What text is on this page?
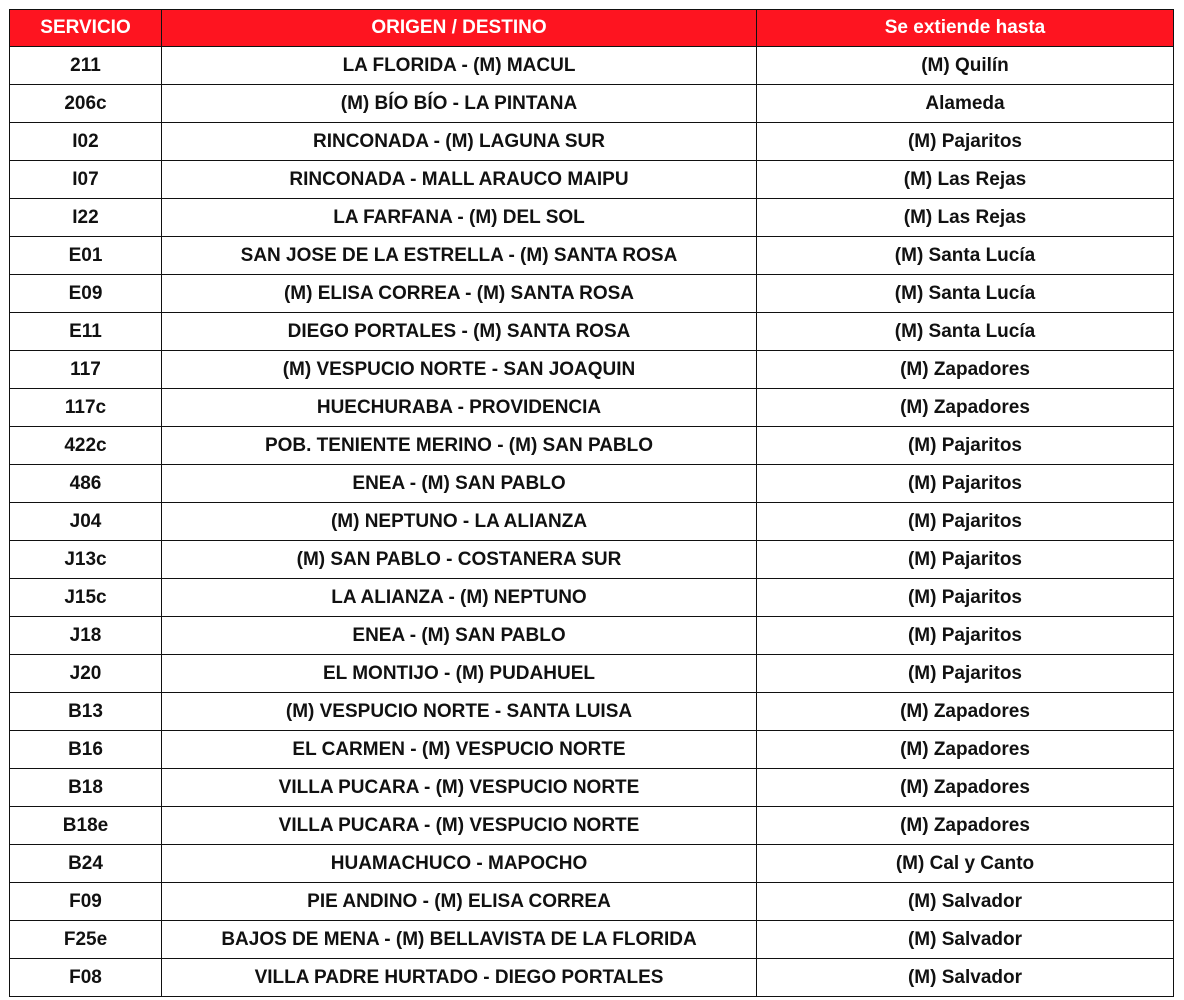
SERVICIO	ORIGEN / DESTINO	Se extiende hasta
211	LA FLORIDA - (M) MACUL	(M) Quilín
206c	(M) BÍO BÍO - LA PINTANA	Alameda
I02	RINCONADA - (M) LAGUNA SUR	(M) Pajaritos
I07	RINCONADA - MALL ARAUCO MAIPU	(M) Las Rejas
I22	LA FARFANA - (M) DEL SOL	(M) Las Rejas
E01	SAN JOSE DE LA ESTRELLA - (M) SANTA ROSA	(M) Santa Lucía
E09	(M) ELISA CORREA - (M) SANTA ROSA	(M) Santa Lucía
E11	DIEGO PORTALES - (M) SANTA ROSA	(M) Santa Lucía
117	(M) VESPUCIO NORTE - SAN JOAQUIN	(M) Zapadores
117c	HUECHURABA - PROVIDENCIA	(M) Zapadores
422c	POB. TENIENTE MERINO - (M) SAN PABLO	(M) Pajaritos
486	ENEA - (M) SAN PABLO	(M) Pajaritos
J04	(M) NEPTUNO - LA ALIANZA	(M) Pajaritos
J13c	(M) SAN PABLO - COSTANERA SUR	(M) Pajaritos
J15c	LA ALIANZA - (M) NEPTUNO	(M) Pajaritos
J18	ENEA - (M) SAN PABLO	(M) Pajaritos
J20	EL MONTIJO - (M) PUDAHUEL	(M) Pajaritos
B13	(M) VESPUCIO NORTE - SANTA LUISA	(M) Zapadores
B16	EL CARMEN - (M) VESPUCIO NORTE	(M) Zapadores
B18	VILLA PUCARA - (M) VESPUCIO NORTE	(M) Zapadores
B18e	VILLA PUCARA - (M) VESPUCIO NORTE	(M) Zapadores
B24	HUAMACHUCO - MAPOCHO	(M) Cal y Canto
F09	PIE ANDINO - (M) ELISA CORREA	(M) Salvador
F25e	BAJOS DE MENA - (M) BELLAVISTA DE LA FLORIDA	(M) Salvador
F08	VILLA PADRE HURTADO - DIEGO PORTALES	(M) Salvador
